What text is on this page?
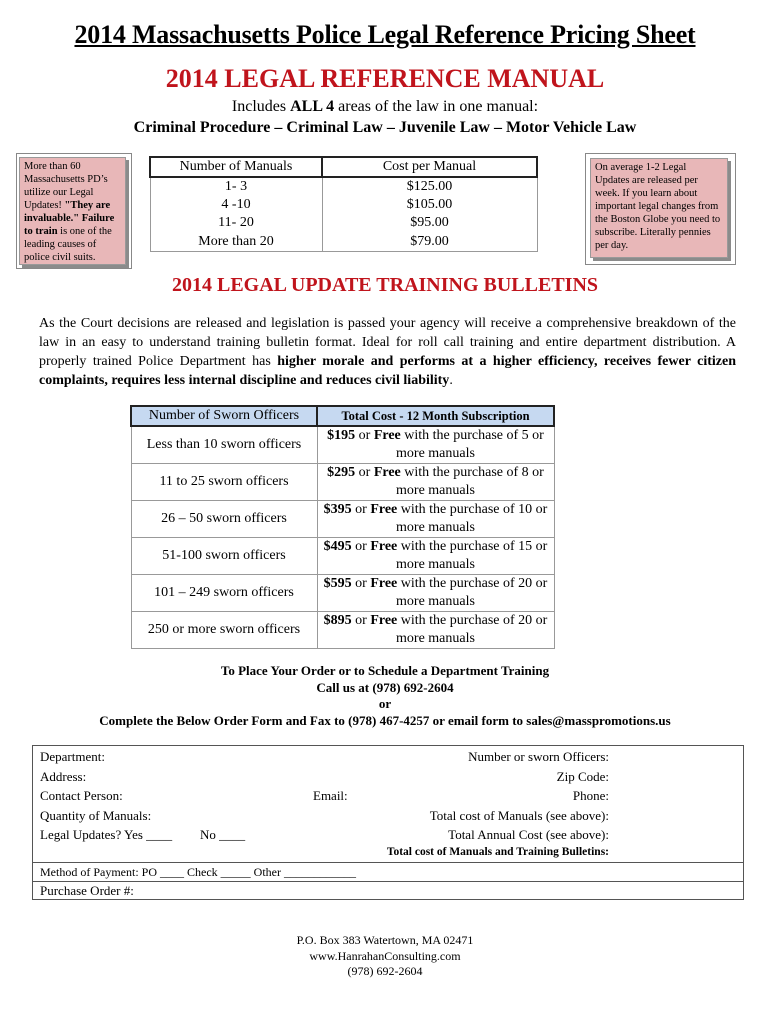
2014 Massachusetts Police Legal Reference Pricing Sheet
2014 LEGAL REFERENCE MANUAL
Includes ALL 4 areas of the law in one manual:
Criminal Procedure – Criminal Law – Juvenile Law – Motor Vehicle Law
More than 60 Massachusetts PD’s utilize our Legal Updates! "They are invaluable." Failure to train is one of the leading causes of police civil suits.
On average 1-2 Legal Updates are released per week. If you learn about important legal changes from the Boston Globe you need to subscribe. Literally pennies per day.
Number of Manuals	Cost per Manual
1- 3	$125.00
4 -10	$105.00
11- 20	$95.00
More than 20	$79.00
2014 LEGAL UPDATE TRAINING BULLETINS
As the Court decisions are released and legislation is passed your agency will receive a comprehensive breakdown of the law in an easy to understand training bulletin format. Ideal for roll call training and entire department distribution. A properly trained Police Department has higher morale and performs at a higher efficiency, receives fewer citizen complaints, requires less internal discipline and reduces civil liability.
Number of Sworn Officers	Total Cost - 12 Month Subscription
Less than 10 sworn officers	$195 or Free with the purchase of 5 or more manuals
11 to 25 sworn officers	$295 or Free with the purchase of 8 or more manuals
26 – 50 sworn officers	$395 or Free with the purchase of 10 or more manuals
51-100 sworn officers	$495 or Free with the purchase of 15 or more manuals
101 – 249 sworn officers	$595 or Free with the purchase of 20 or more manuals
250 or more sworn officers	$895 or Free with the purchase of 20 or more manuals
To Place Your Order or to Schedule a Department Training
Call us at (978) 692-2604
or
Complete the Below Order Form and Fax to (978) 467-4257 or email form to sales@masspromotions.us
Department:	Number or sworn Officers:
Address:	Zip Code:
Contact Person:	Email:	Phone:
Quantity of Manuals:	Total cost of Manuals (see above):
Legal Updates? Yes ____ No ____	Total Annual Cost (see above):
Total cost of Manuals and Training Bulletins:
Method of Payment: PO ____ Check _____ Other ____________
Purchase Order #:
P.O. Box 383 Watertown, MA 02471
www.HanrahanConsulting.com
(978) 692-2604
